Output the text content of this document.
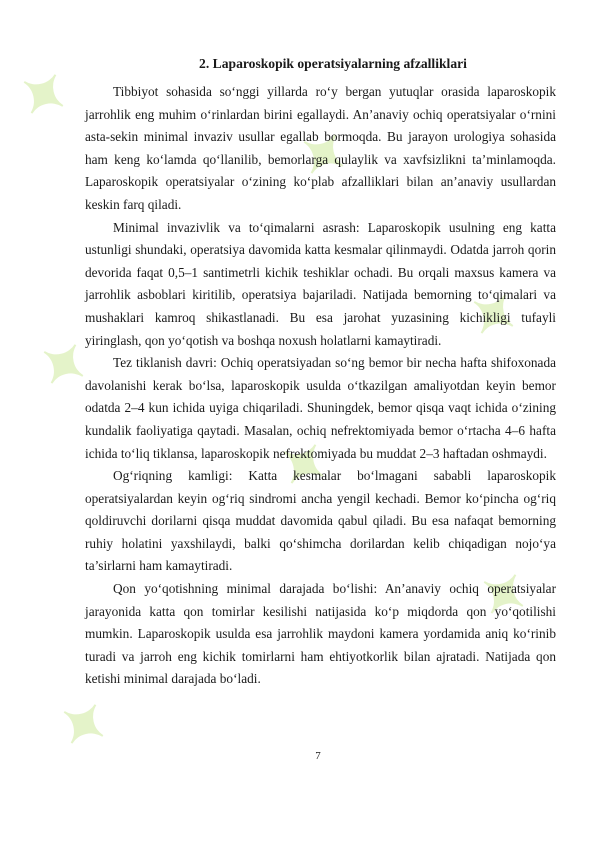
✦
✦
✦
✦
✦
✦
✦
2. Laparoskopik operatsiyalarning afzalliklari

Tibbiyot sohasida so‘nggi yillarda ro‘y bergan yutuqlar orasida laparoskopik jarrohlik eng muhim o‘rinlardan birini egallaydi. An’anaviy ochiq operatsiyalar o‘rnini asta-sekin minimal invaziv usullar egallab bormoqda. Bu jarayon urologiya sohasida ham keng ko‘lamda qo‘llanilib, bemorlarga qulaylik va xavfsizlikni ta’minlamoqda. Laparoskopik operatsiyalar o‘zining ko‘plab afzalliklari bilan an’anaviy usullardan keskin farq qiladi.

Minimal invazivlik va to‘qimalarni asrash: Laparoskopik usulning eng katta ustunligi shundaki, operatsiya davomida katta kesmalar qilinmaydi. Odatda jarroh qorin devorida faqat 0,5–1 santimetrli kichik teshiklar ochadi. Bu orqali maxsus kamera va jarrohlik asboblari kiritilib, operatsiya bajariladi. Natijada bemorning to‘qimalari va mushaklari kamroq shikastlanadi. Bu esa jarohat yuzasining kichikligi tufayli yiringlash, qon yo‘qotish va boshqa noxush holatlarni kamaytiradi.

Tez tiklanish davri: Ochiq operatsiyadan so‘ng bemor bir necha hafta shifoxonada davolanishi kerak bo‘lsa, laparoskopik usulda o‘tkazilgan amaliyotdan keyin bemor odatda 2–4 kun ichida uyiga chiqariladi. Shuningdek, bemor qisqa vaqt ichida o‘zining kundalik faoliyatiga qaytadi. Masalan, ochiq nefrektomiyada bemor o‘rtacha 4–6 hafta ichida to‘liq tiklansa, laparoskopik nefrektomiyada bu muddat 2–3 haftadan oshmaydi.

Og‘riqning kamligi: Katta kesmalar bo‘lmagani sababli laparoskopik operatsiyalardan keyin og‘riq sindromi ancha yengil kechadi. Bemor ko‘pincha og‘riq qoldiruvchi dorilarni qisqa muddat davomida qabul qiladi. Bu esa nafaqat bemorning ruhiy holatini yaxshilaydi, balki qo‘shimcha dorilardan kelib chiqadigan nojo‘ya ta’sirlarni ham kamaytiradi.

Qon yo‘qotishning minimal darajada bo‘lishi: An’anaviy ochiq operatsiyalar jarayonida katta qon tomirlar kesilishi natijasida ko‘p miqdorda qon yo‘qotilishi mumkin. Laparoskopik usulda esa jarrohlik maydoni kamera yordamida aniq ko‘rinib turadi va jarroh eng kichik tomirlarni ham ehtiyotkorlik bilan ajratadi. Natijada qon ketishi minimal darajada bo‘ladi.

7
